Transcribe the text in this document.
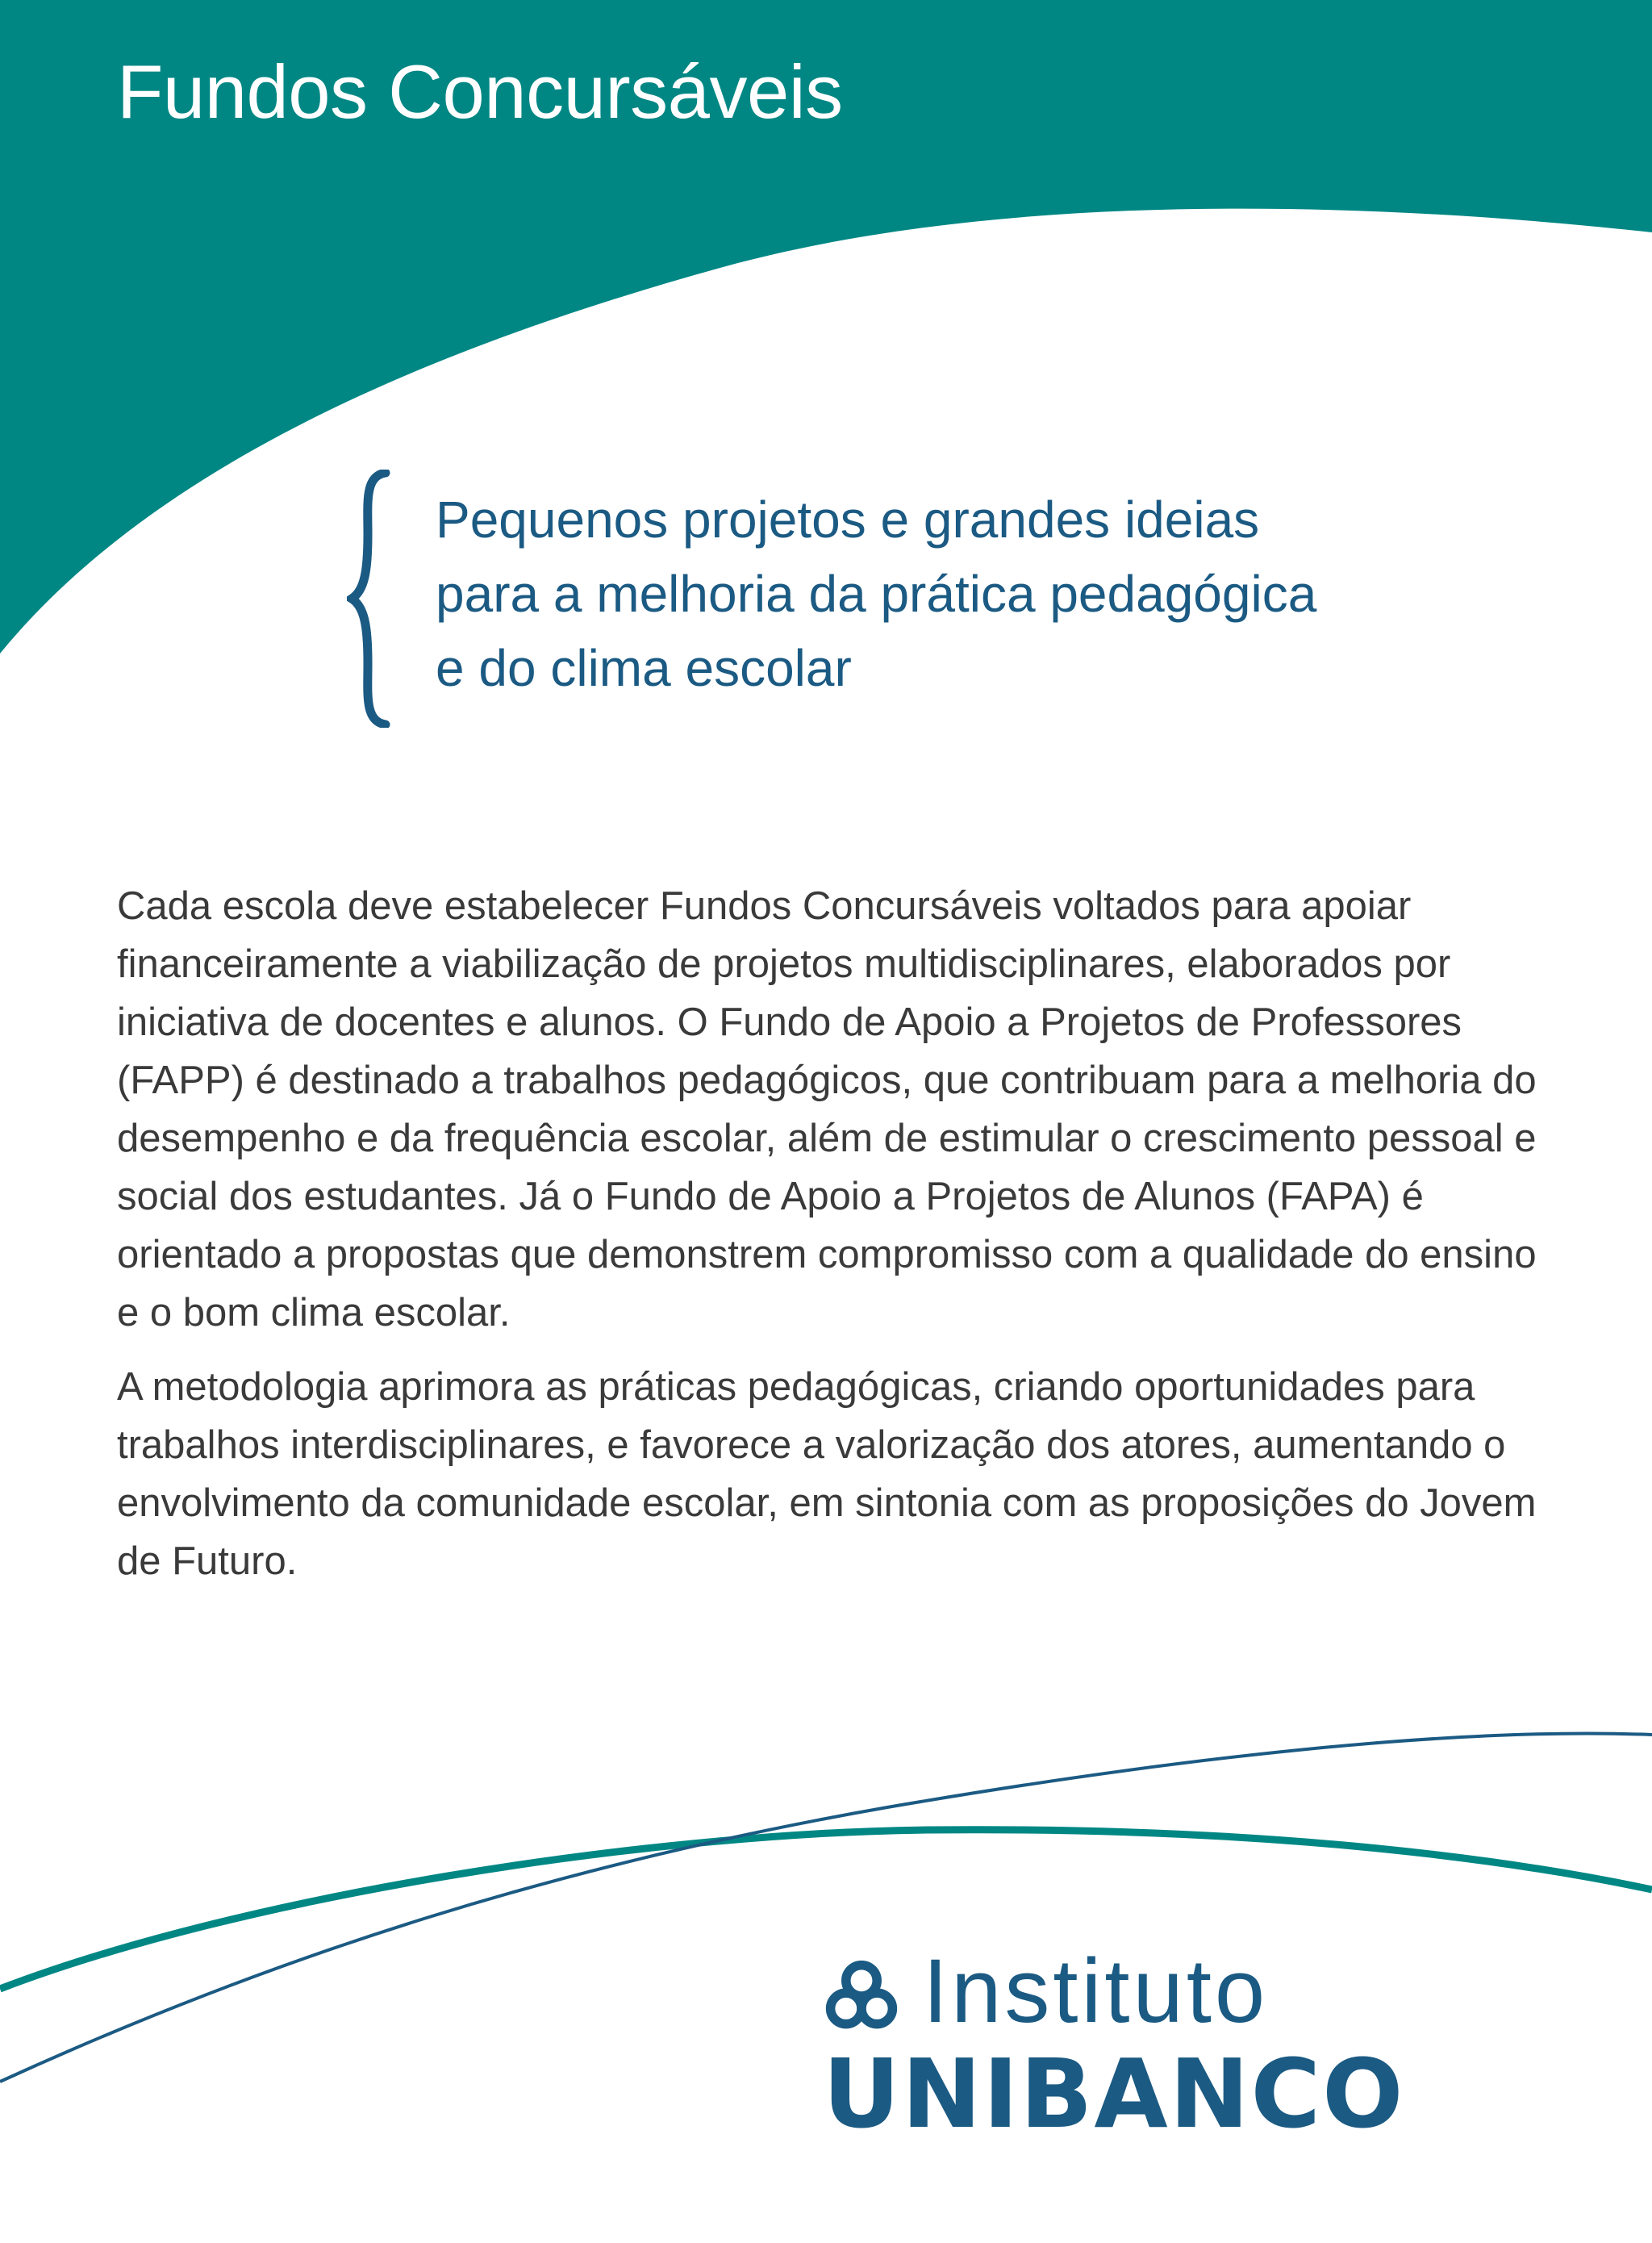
Fundos Concursáveis
Pequenos projetos e grandes ideias
para a melhoria da prática pedagógica
e do clima escolar

Cada escola deve estabelecer Fundos Concursáveis voltados para apoiar financeiramente a viabilização de projetos multidisciplinares, elaborados por iniciativa de docentes e alunos. O Fundo de Apoio a Projetos de Professores (FAPP) é destinado a trabalhos pedagógicos, que contribuam para a melhoria do desempenho e da frequência escolar, além de estimular o crescimento pessoal e social dos estudantes. Já o Fundo de Apoio a Projetos de Alunos (FAPA) é orientado a propostas que demonstrem compromisso com a qualidade do ensino e o bom clima escolar.

A metodologia aprimora as práticas pedagógicas, criando oportunidades para trabalhos interdisciplinares, e favorece a valorização dos atores, aumentando o envolvimento da comunidade escolar, em sintonia com as proposições do Jovem de Futuro.

Instituto
UNIBANCO
